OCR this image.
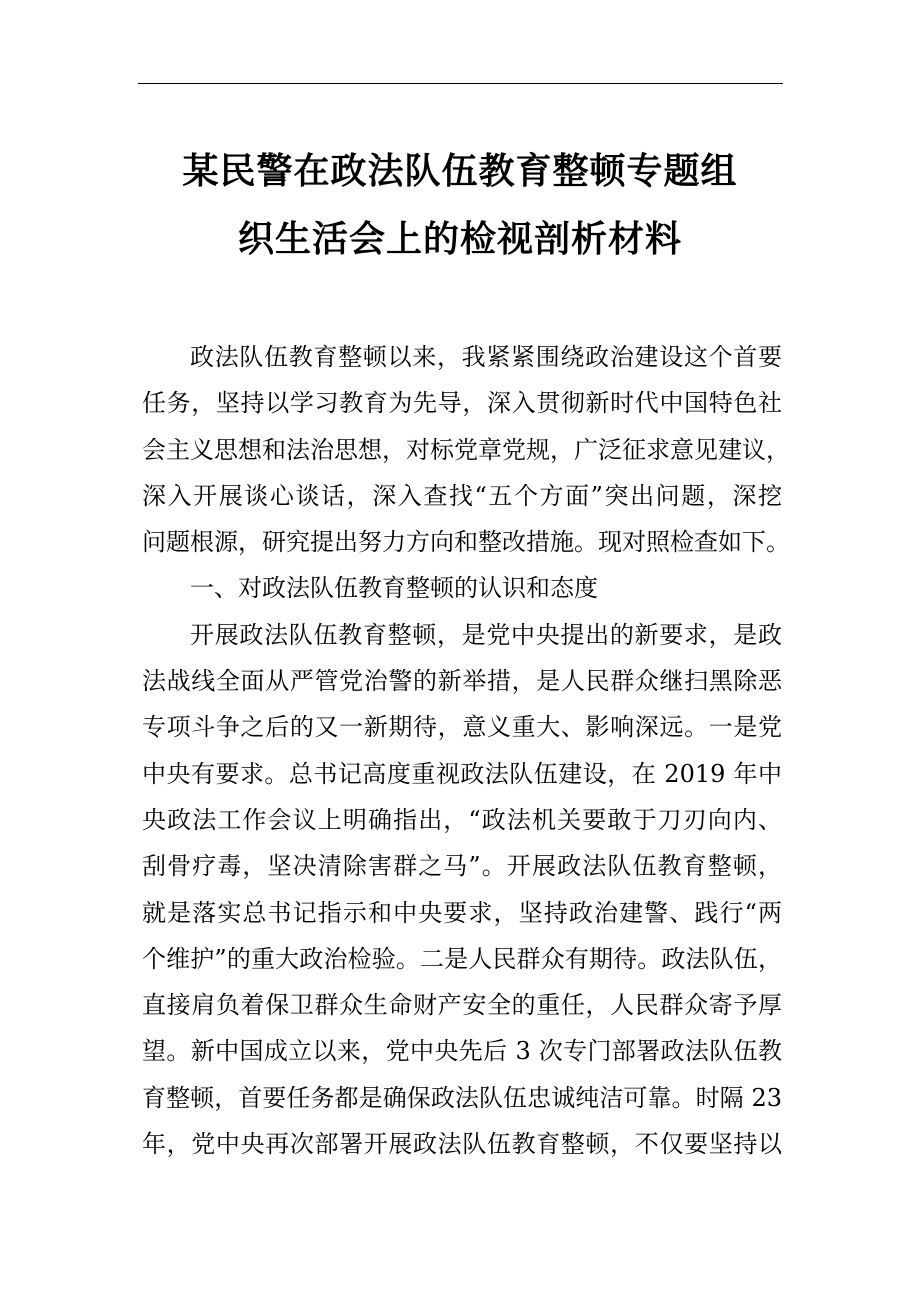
某民警在政法队伍教育整顿专题组
织生活会上的检视剖析材料
政法队伍教育整顿以来，我紧紧围绕政治建设这个首要
任务，坚持以学习教育为先导，深入贯彻新时代中国特色社
会主义思想和法治思想，对标党章党规，广泛征求意见建议，
深入开展谈心谈话，深入查找“五个方面”突出问题，深挖
问题根源，研究提出努力方向和整改措施。现对照检查如下。
一、对政法队伍教育整顿的认识和态度
开展政法队伍教育整顿，是党中央提出的新要求，是政
法战线全面从严管党治警的新举措，是人民群众继扫黑除恶
专项斗争之后的又一新期待，意义重大、影响深远。一是党
中央有要求。总书记高度重视政法队伍建设，在 2019 年中
央政法工作会议上明确指出，“政法机关要敢于刀刃向内、
刮骨疗毒，坚决清除害群之马”。开展政法队伍教育整顿，
就是落实总书记指示和中央要求，坚持政治建警、践行“两
个维护”的重大政治检验。二是人民群众有期待。政法队伍，
直接肩负着保卫群众生命财产安全的重任，人民群众寄予厚
望。新中国成立以来，党中央先后 3 次专门部署政法队伍教
育整顿，首要任务都是确保政法队伍忠诚纯洁可靠。时隔 23
年，党中央再次部署开展政法队伍教育整顿，不仅要坚持以
